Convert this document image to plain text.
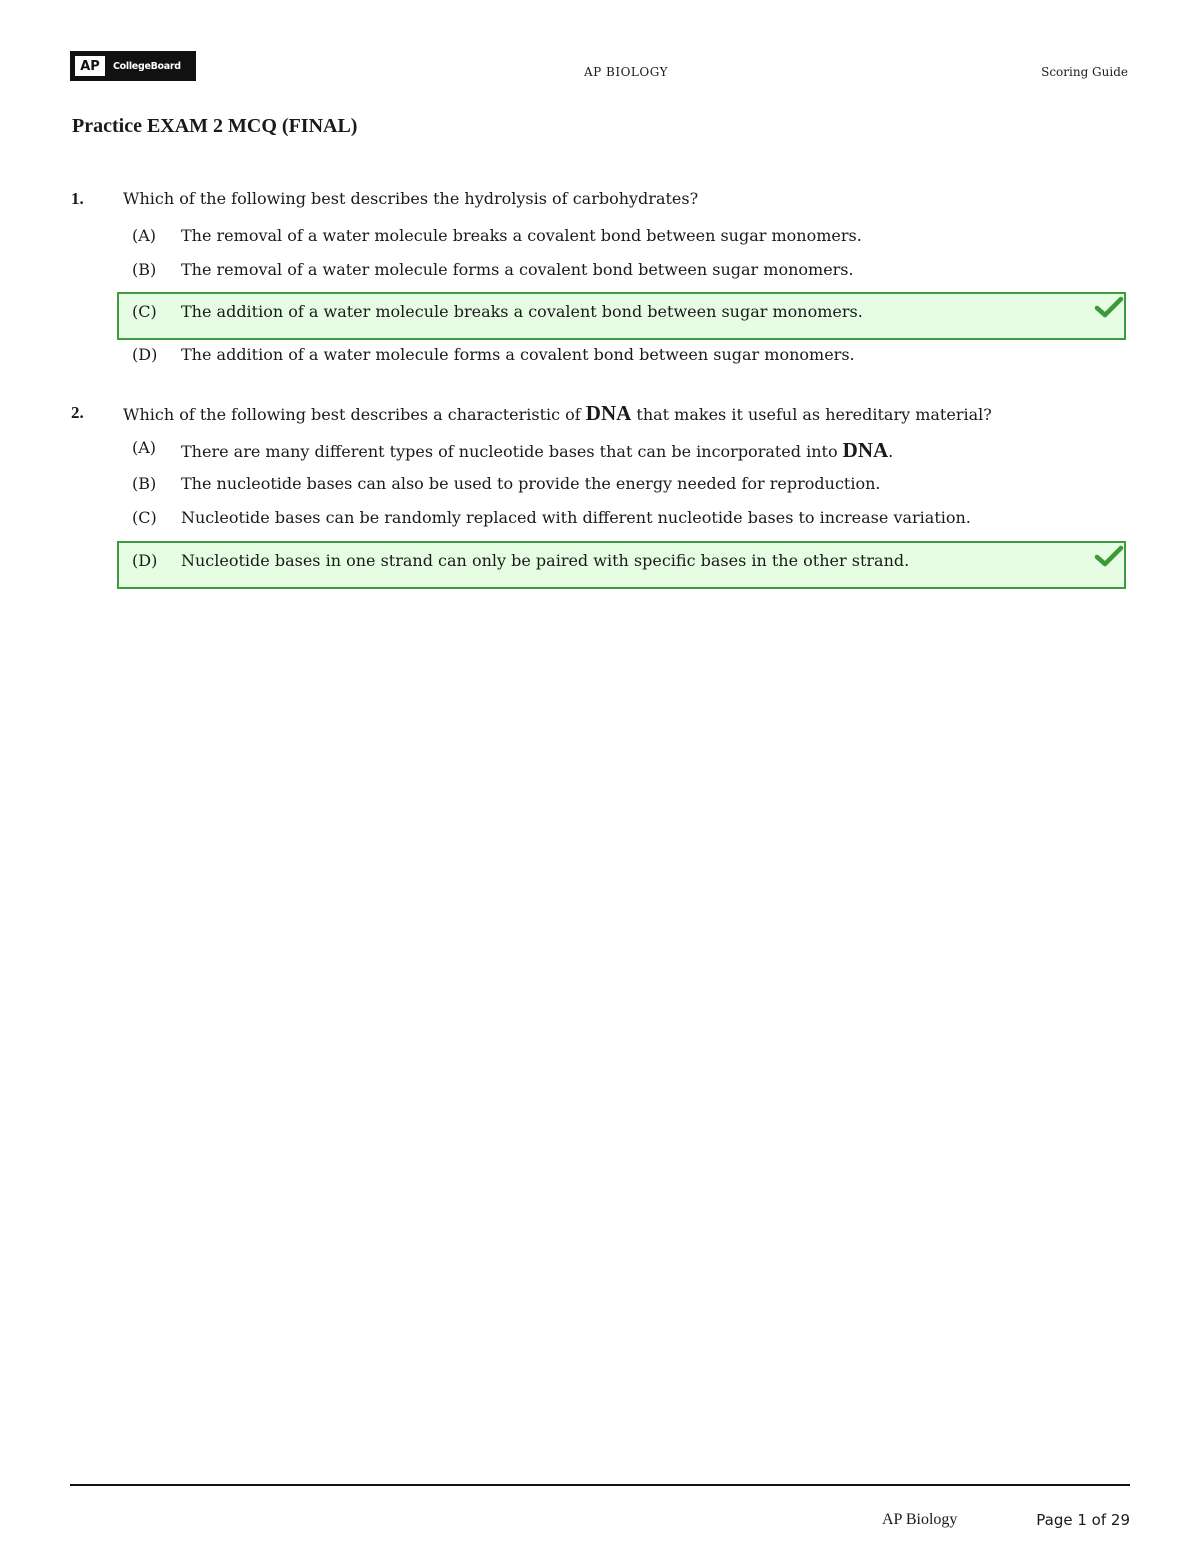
AP	CollegeBoard	AP BIOLOGY	Scoring Guide
Practice EXAM 2 MCQ (FINAL)
1. Which of the following best describes the hydrolysis of carbohydrates?
(A)	The removal of a water molecule breaks a covalent bond between sugar monomers.
(B)	The removal of a water molecule forms a covalent bond between sugar monomers.
(C)	The addition of a water molecule breaks a covalent bond between sugar monomers.
(D)	The addition of a water molecule forms a covalent bond between sugar monomers.
2. Which of the following best describes a characteristic of DNA that makes it useful as hereditary material?
(A)	There are many different types of nucleotide bases that can be incorporated into DNA.
(B)	The nucleotide bases can also be used to provide the energy needed for reproduction.
(C)	Nucleotide bases can be randomly replaced with different nucleotide bases to increase variation.
(D)	Nucleotide bases in one strand can only be paired with specific bases in the other strand.
AP Biology	Page 1 of 29
